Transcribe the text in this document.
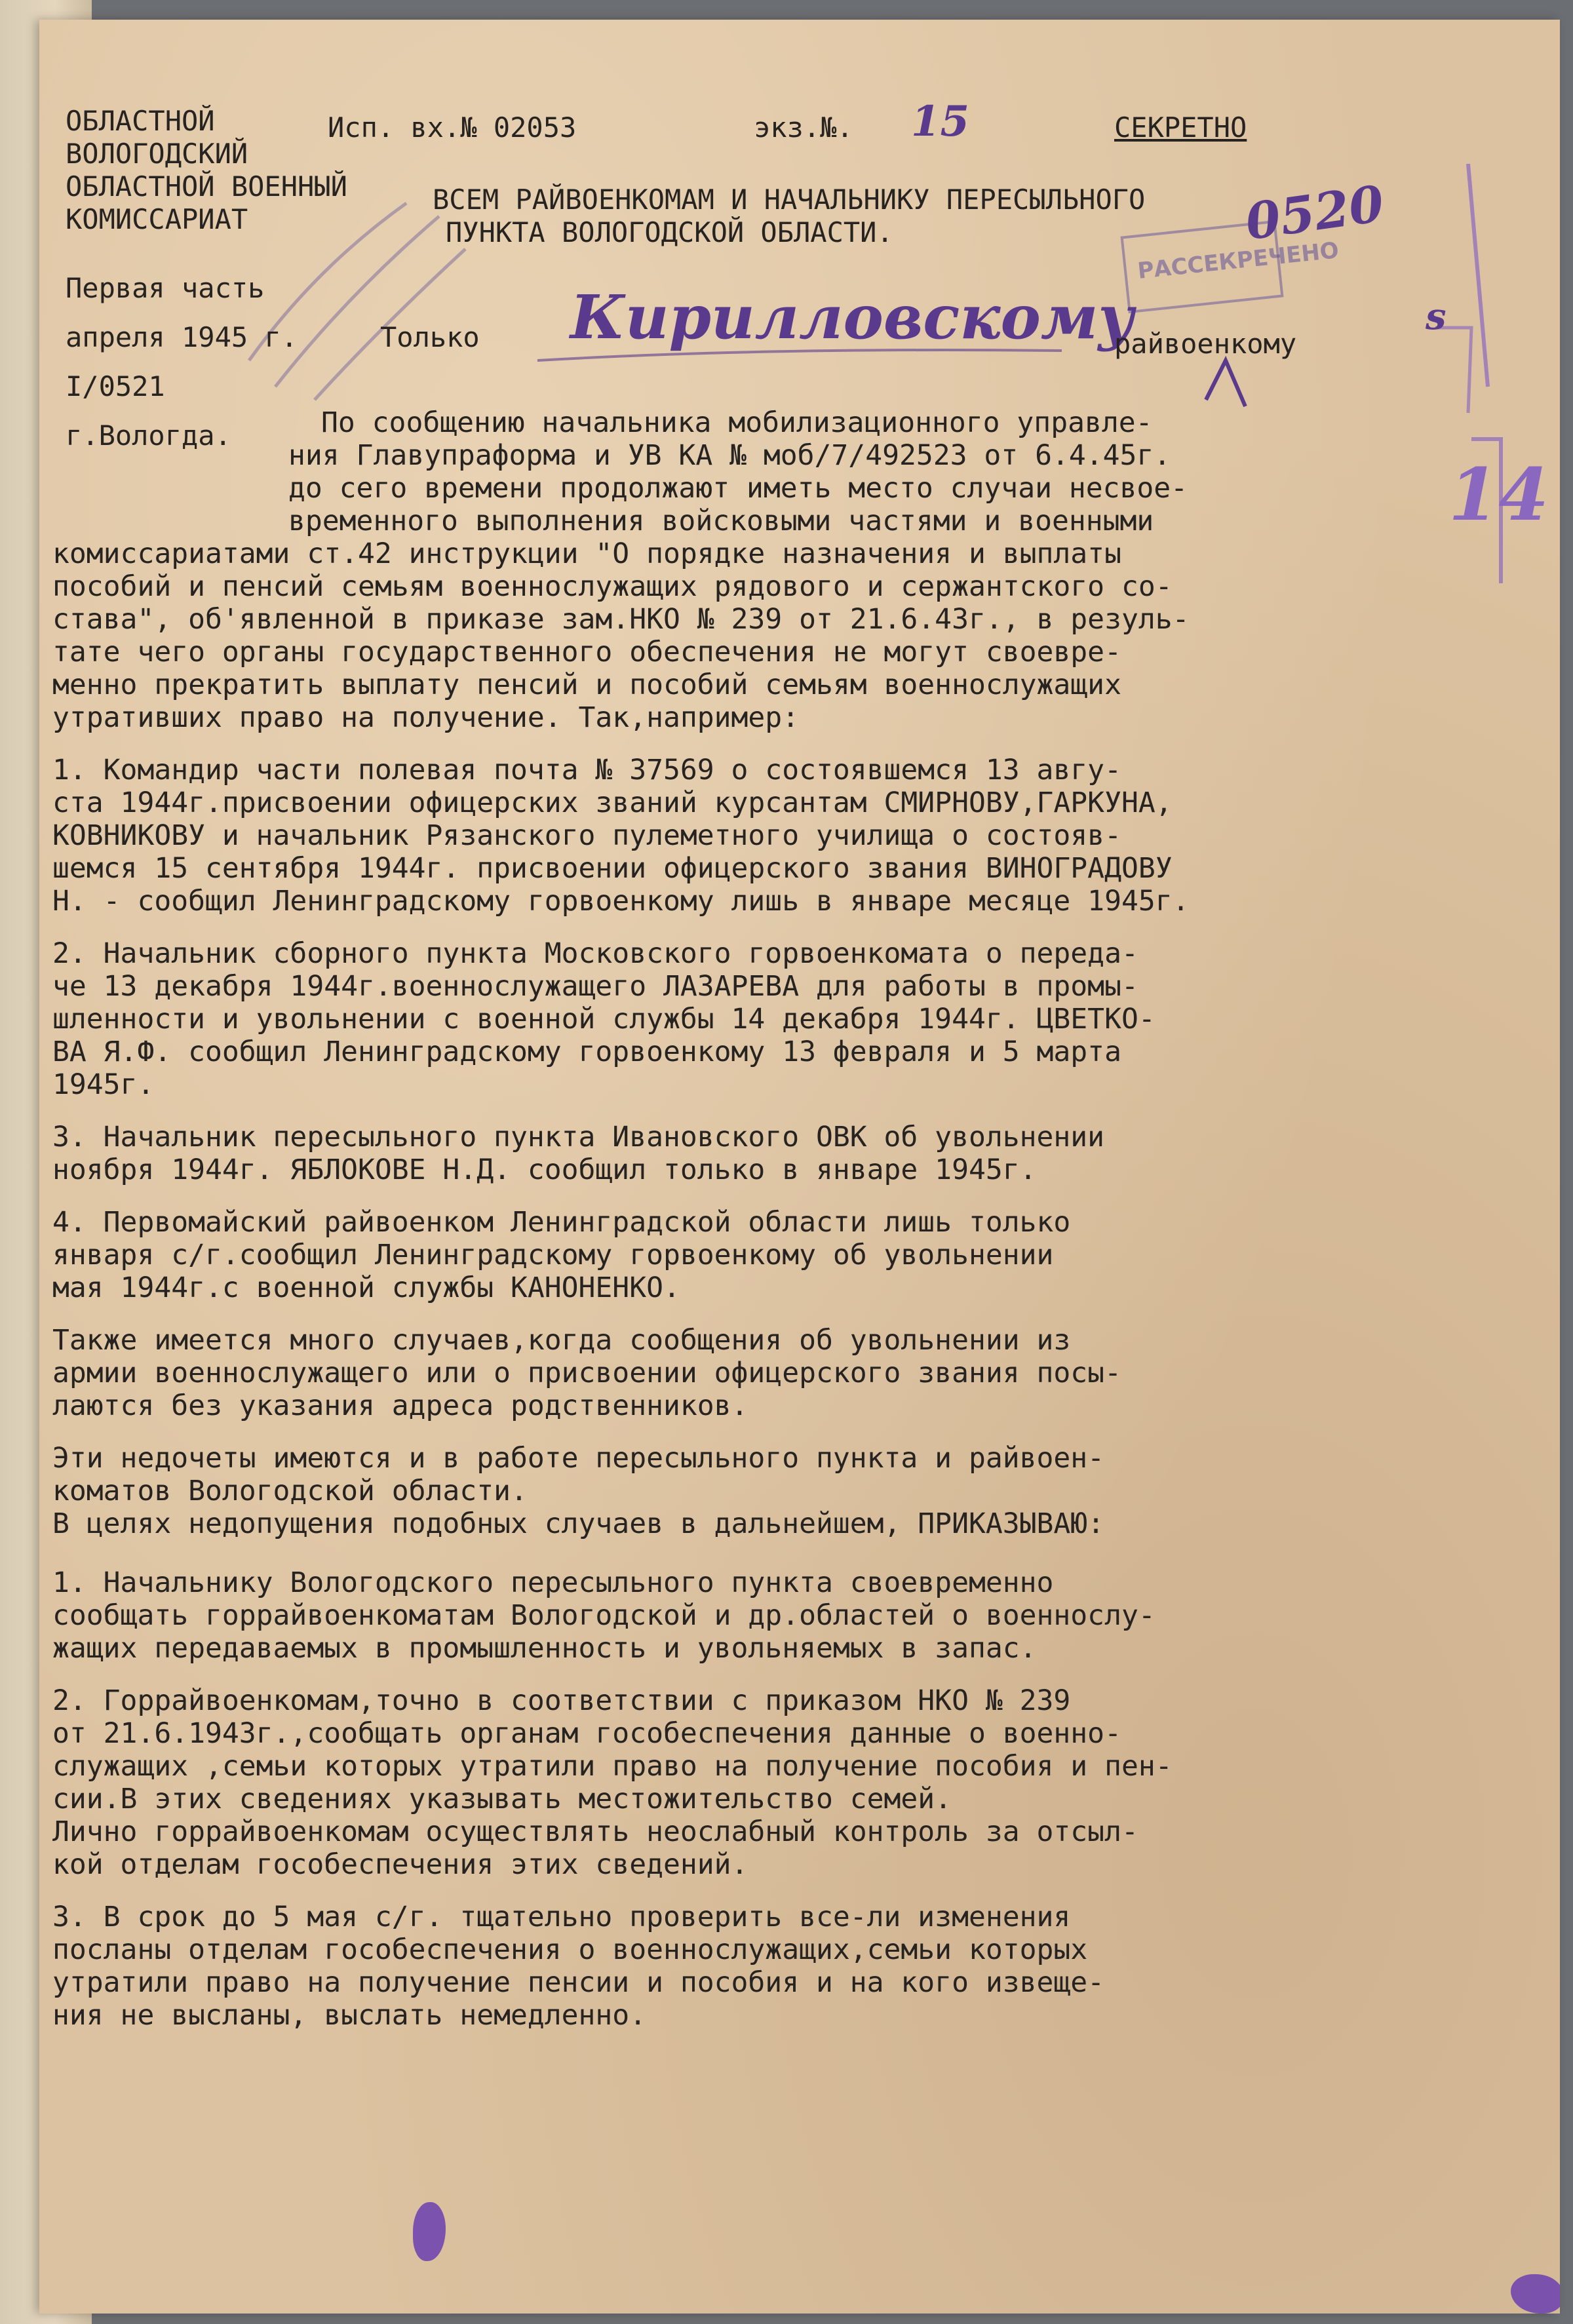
РАССЕКРЕЧЕНО
ОБЛАСТНОЙ
ВОЛОГОДСКИЙ
ОБЛАСТНОЙ ВОЕННЫЙ
КОМИССАРИАТ
Исп. вх.№ 02053	экз.№. 15	СЕКРЕТНО
ВСЕМ РАЙВОЕНКОМАМ И НАЧАЛЬНИКУ ПЕРЕСЫЛЬНОГО
ПУНКТА ВОЛОГОДСКОЙ ОБЛАСТИ.	0520
Первая часть
апреля 1945 г.	Только Кирилловскому
райвоенкому
s
14
I/0521
г.Вологда.	По сообщению начальника мобилизационного управле-
ния Главупраформа и УВ КА № моб/7/492523 от 6.4.45г.
до сего времени продолжают иметь место случаи несвое-
временного выполнения войсковыми частями и военными
комиссариатами ст.42 инструкции "О порядке назначения и выплаты
пособий и пенсий семьям военнослужащих рядового и сержантского со-
става", об'явленной в приказе зам.НКО № 239 от 21.6.43г., в резуль-
тате чего органы государственного обеспечения не могут своевре-
менно прекратить выплату пенсий и пособий семьям военнослужащих
утративших право на получение. Так,например:
1. Командир части полевая почта № 37569 о состоявшемся 13 авгу-
ста 1944г.присвоении офицерских званий курсантам СМИРНОВУ,ГАРКУНА,
КОВНИКОВУ и начальник Рязанского пулеметного училища о состояв-
шемся 15 сентября 1944г. присвоении офицерского звания ВИНОГРАДОВУ
Н. - сообщил Ленинградскому горвоенкому лишь в январе месяце 1945г.
2. Начальник сборного пункта Московского горвоенкомата о переда-
че 13 декабря 1944г.военнослужащего ЛАЗАРЕВА для работы в промы-
шленности и увольнении с военной службы 14 декабря 1944г. ЦВЕТКО-
ВА Я.Ф. сообщил Ленинградскому горвоенкому 13 февраля и 5 марта
1945г.
3. Начальник пересыльного пункта Ивановского ОВК об увольнении
ноября 1944г. ЯБЛОКОВЕ Н.Д. сообщил только в январе 1945г.
4. Первомайский райвоенком Ленинградской области лишь только
января с/г.сообщил Ленинградскому горвоенкому об увольнении
мая 1944г.с военной службы КАНОНЕНКО.
Также имеется много случаев,когда сообщения об увольнении из
армии военнослужащего или о присвоении офицерского звания посы-
лаются без указания адреса родственников.
Эти недочеты имеются и в работе пересыльного пункта и райвоен-
коматов Вологодской области.
В целях недопущения подобных случаев в дальнейшем, ПРИКАЗЫВАЮ:
1. Начальнику Вологодского пересыльного пункта своевременно
сообщать горрайвоенкоматам Вологодской и др.областей о военнослу-
жащих передаваемых в промышленность и увольняемых в запас.
2. Горрайвоенкомам,точно в соответствии с приказом НКО № 239
от 21.6.1943г.,сообщать органам гособеспечения данные о военно-
служащих ,семьи которых утратили право на получение пособия и пен-
сии.В этих сведениях указывать местожительство семей.
Лично горрайвоенкомам осуществлять неослабный контроль за отсыл-
кой отделам гособеспечения этих сведений.
3. В срок до 5 мая с/г. тщательно проверить все-ли изменения
посланы отделам гособеспечения о военнослужащих,семьи которых
утратили право на получение пенсии и пособия и на кого извеще-
ния не высланы, выслать немедленно.
